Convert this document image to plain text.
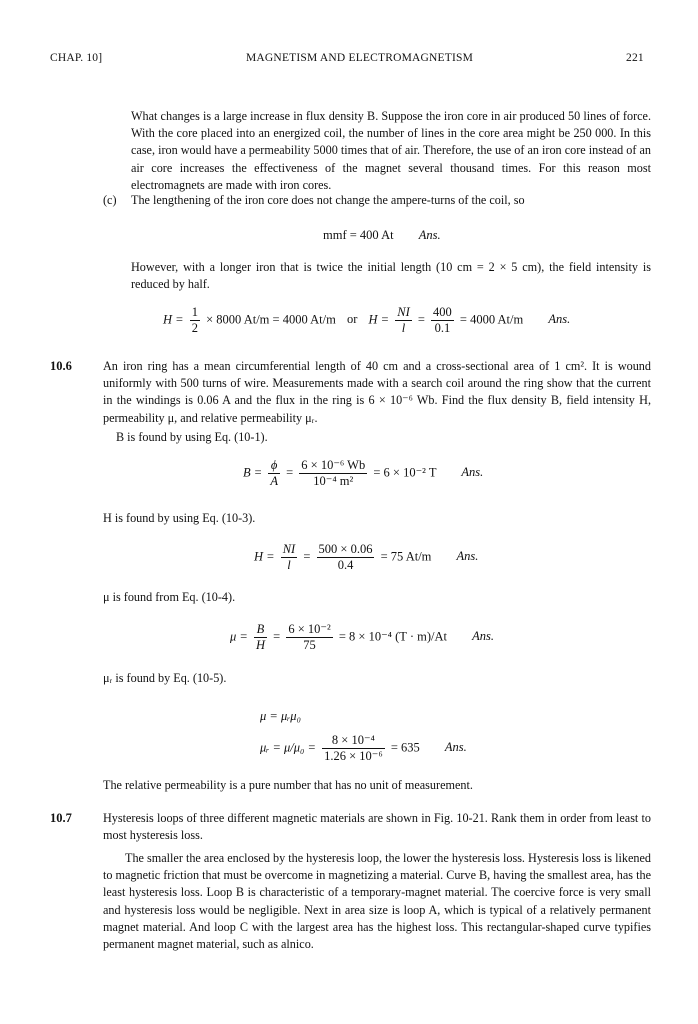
CHAP. 10]	MAGNETISM AND ELECTROMAGNETISM	221
What changes is a large increase in flux density B. Suppose the iron core in air produced 50 lines of force. With the core placed into an energized coil, the number of lines in the core area might be 250 000. In this case, iron would have a permeability 5000 times that of air. Therefore, the use of an iron core instead of an air core increases the effectiveness of the magnet several thousand times. For this reason most electromagnets are made with iron cores.
(c) The lengthening of the iron core does not change the ampere-turns of the coil, so
mmf = 400 At Ans.
However, with a longer iron that is twice the initial length (10 cm = 2 × 5 cm), the field intensity is reduced by half.
$H = \frac{1}{2} \times 8000$ At/m = 4000 At/m or $H = \frac{NI}{l} = \frac{400}{0.1} = 4000$ At/m Ans.
10.6	An iron ring has a mean circumferential length of 40 cm and a cross-sectional area of 1 cm². It is wound uniformly with 500 turns of wire. Measurements made with a search coil around the ring show that the current in the windings is 0.06 A and the flux in the ring is 6 × 10⁻⁶ Wb. Find the flux density B, field intensity H, permeability μ, and relative permeability μᵣ.
B is found by using Eq. (10-1).
$B = \frac{\phi}{A} = \frac{\text{6 × 10⁻⁶ Wb}}{\text{10⁻⁴ m²}} = 6 \times 10^{-2}$ T Ans.
H is found by using Eq. (10-3).
$H = \frac{NI}{l} = \frac{500 \times 0.06}{0.4} = 75$ At/m Ans.
μ is found from Eq. (10-4).
$\mu = \frac{B}{H} = \frac{\text{6 × 10⁻²}}{75} = 8 \times 10^{-4}$ (T · m)/At Ans.
μᵣ is found by Eq. (10-5).
μ = μᵣμ₀
μᵣ = $\mu/\mu_0 = \frac{\text{8 × 10⁻⁴}}{\text{1.26 × 10⁻⁶}} = 635$ Ans.
The relative permeability is a pure number that has no unit of measurement.
10.7	Hysteresis loops of three different magnetic materials are shown in Fig. 10-21. Rank them in order from least to most hysteresis loss.
The smaller the area enclosed by the hysteresis loop, the lower the hysteresis loss. Hysteresis loss is likened to magnetic friction that must be overcome in magnetizing a material. Curve B, having the smallest area, has the least hysteresis loss. Loop B is characteristic of a temporary-magnet material. The coercive force is very small and hysteresis loss would be negligible. Next in area size is loop A, which is typical of a relatively permanent magnet material. And loop C with the largest area has the highest loss. This rectangular-shaped curve typifies permanent magnet material, such as alnico.
